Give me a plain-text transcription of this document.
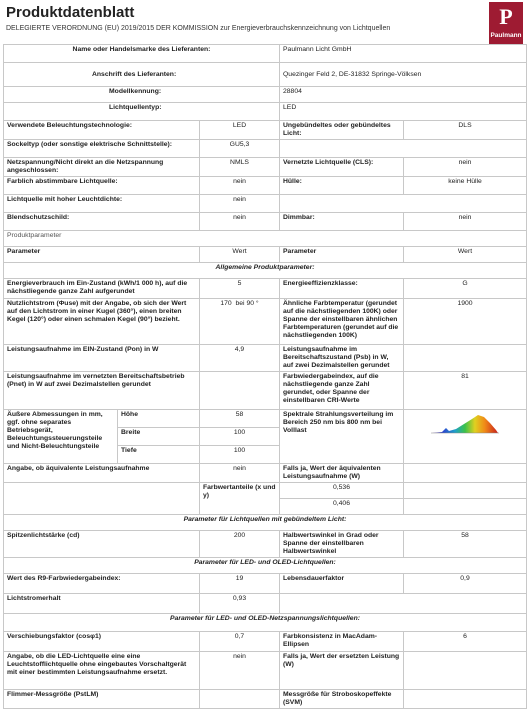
Produktdatenblatt
DELEGIERTE VERORDNUNG (EU) 2019/2015 DER KOMMISSION zur Energieverbrauchskennzeichnung von Lichtquellen	P
Paulmann
Name oder Handelsmarke des Lieferanten:			Paulmann Licht GmbH	
Anschrift des Lieferanten:			Quezinger Feld 2, DE-31832 Springe-Völksen	
Modellkennung:			28804	
Lichtquellentyp:			LED	
Verwendete Beleuchtungstechnologie:		LED	Ungebündeltes oder gebündeltes Licht:	DLS
Sockeltyp (oder sonstige elektrische Schnittstelle):		GU5,3		
Netzspannung/Nicht direkt an die Netzspannung angeschlossen:		NMLS	Vernetzte Lichtquelle (CLS):	nein
Farblich abstimmbare Lichtquelle:		nein	Hülle:	keine Hülle
Lichtquelle mit hoher Leuchtdichte:		nein		
Blendschutzschild:		nein	Dimmbar:	nein
Produktparameter				
Parameter		Wert	Parameter	Wert
Allgemeine Produktparameter:				
Energieverbrauch im Ein-Zustand (kWh/1 000 h), auf die nächstliegende ganze Zahl aufgerundet		5	Energieeffizienzklasse:	G
Nutzlichtstrom (Φuse) mit der Angabe, ob sich der Wert auf den Lichtstrom in einer Kugel (360°), einen breiten Kegel (120°) oder einen schmalen Kegel (90°) bezieht.		170 bei 90 °	Ähnliche Farbtemperatur (gerundet auf die nächstliegenden 100K) oder Spanne der einstellbaren ähnlichen Farbtemperaturen (gerundet auf die nächstliegenden 100K)	1900
Leistungsaufnahme im EIN-Zustand (Pon) in W		4,9	Leistungsaufnahme im Bereitschaftszustand (Psb) in W, auf zwei Dezimalstellen gerundet	
Leistungsaufnahme im vernetzten Bereitschaftsbetrieb (Pnet) in W auf zwei Dezimalstellen gerundet			Farbwiedergabeindex, auf die nächstliegende ganze Zahl gerundet, oder Spanne der einstellbaren CRI-Werte	81
Äußere Abmessungen in mm, ggf. ohne separates Betriebsgerät, Beleuchtungssteuerungsteile und Nicht-Beleuchtungsteile	Höhe	58	Spektrale Strahlungsverteilung im Bereich 250 nm bis 800 nm bei Volllast	

	Breite	100		
	Tiefe	100		
Angabe, ob äquivalente Leistungsaufnahme		nein	Falls ja, Wert der äquivalenten Leistungsaufnahme (W)	
		Farbwertanteile (x und y)	0,536	
			0,406	
Parameter für Lichtquellen mit gebündeltem Licht:				
Spitzenlichtstärke (cd)		200	Halbwertswinkel in Grad oder Spanne der einstellbaren Halbwertswinkel	58
Parameter für LED- und OLED-Lichtquellen:				
Wert des R9-Farbwiedergabeindex:		19	Lebensdauerfaktor	0,9
Lichtstromerhalt		0,93		
Parameter für LED- und OLED-Netzspannungslichtquellen:				
Verschiebungsfaktor (cosφ1)		0,7	Farbkonsistenz in MacAdam-Ellipsen	6
Angabe, ob die LED-Lichtquelle eine eine Leuchtstofflichtquelle ohne eingebautes Vorschaltgerät mit einer bestimmten Leistungsaufnahme ersetzt.		nein	Falls ja, Wert der ersetzten Leistung (W)	
Flimmer-Messgröße (PstLM)			Messgröße für Stroboskopeffekte (SVM)	
